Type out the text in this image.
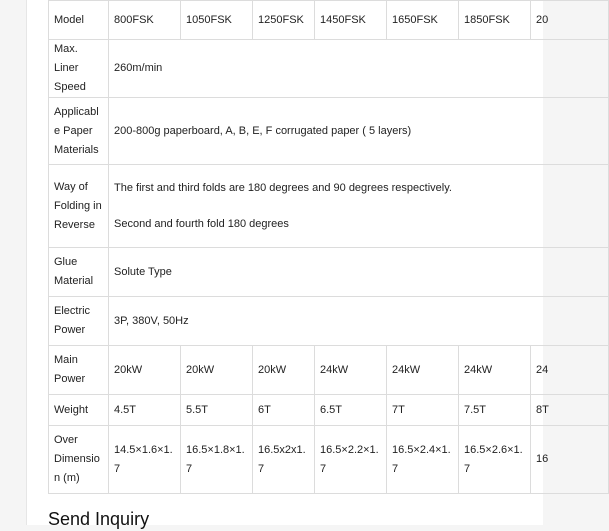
Model	800FSK	1050FSK	1250FSK	1450FSK	1650FSK	1850FSK	20
Max. Liner Speed	260m/min						
Applicable Paper Materials	200-800g paperboard, A, B, E, F corrugated paper ( 5 layers)						
Way of Folding in Reverse	The first and third folds are 180 degrees and 90 degrees respectively.
Second and fourth fold 180 degrees						

Glue Material	Solute Type						
Electric Power	3P, 380V, 50Hz						
Main Power	20kW	20kW	20kW	24kW	24kW	24kW	24
Weight	4.5T	5.5T	6T	6.5T	7T	7.5T	8T
Over Dimension (m)	14.5×1.6×1.7	16.5×1.8×1.7	16.5x2x1.7	16.5×2.2×1.7	16.5×2.4×1.7	16.5×2.6×1.7	16
Send Inquiry
